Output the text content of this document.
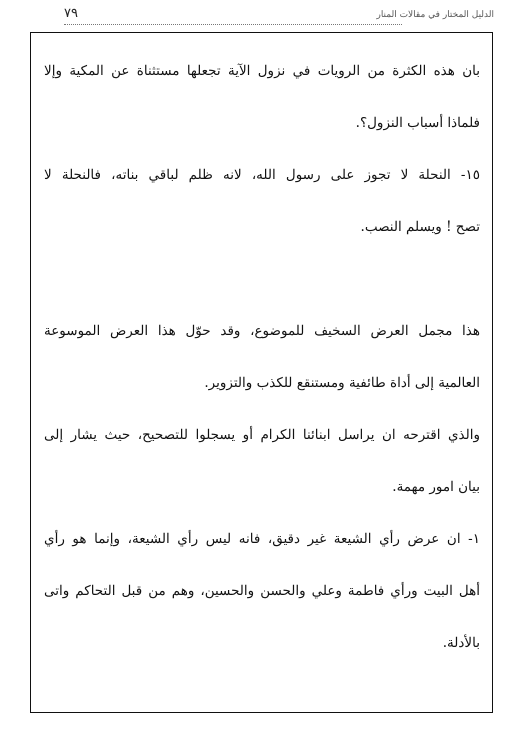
الدليل المختار في مقالات المنار
٧٩
بان هذه الكثرة من الرويات في نزول الآية تجعلها مستثناة عن المكية وإلا
فلماذا أسباب النزول؟.
١٥- النحلة لا تجوز على رسول الله، لانه ظلم لباقي بناته، فالنحلة لا
تصح ! ويسلم النصب.
هذا مجمل العرض السخيف للموضوع، وقد حوّل هذا العرض الموسوعة
العالمية إلى أداة طائفية ومستنقع للكذب والتزوير.
والذي اقترحه ان يراسل ابنائنا الكرام أو يسجلوا للتصحيح، حيث يشار إلى
بيان امور مهمة.
١- ان عرض رأي الشيعة غير دقيق، فانه ليس رأي الشيعة، وإنما هو رأي
أهل البيت ورأي فاطمة وعلي والحسن والحسين، وهم من قبل التحاكم واتى
بالأدلة.
